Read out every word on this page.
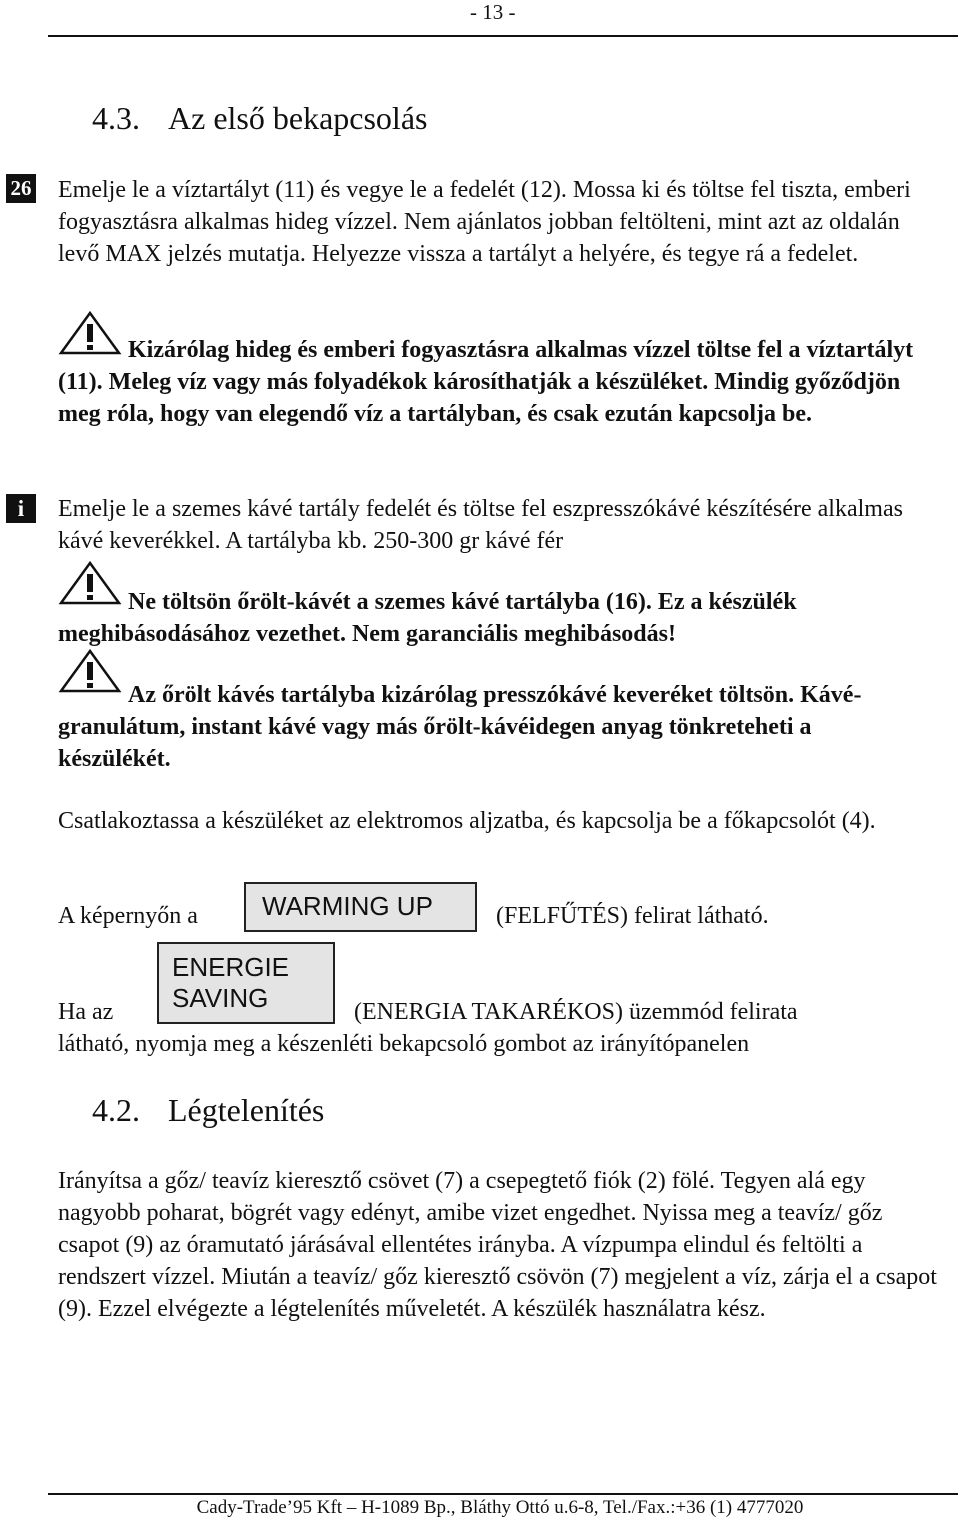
- 13 -
4.3. Az első bekapcsolás
26 Emelje le a víztartályt (11) és vegye le a fedelét (12). Mossa ki és töltse fel tiszta, emberi fogyasztásra alkalmas hideg vízzel. Nem ajánlatos jobban feltölteni, mint azt az oldalán levő MAX jelzés mutatja. Helyezze vissza a tartályt a helyére, és tegye rá a fedelet.

Kizárólag hideg és emberi fogyasztásra alkalmas vízzel töltse fel a víztartályt (11). Meleg víz vagy más folyadékok károsíthatják a készüléket. Mindig győződjön meg róla, hogy van elegendő víz a tartályban, és csak ezután kapcsolja be.

i	Emelje le a szemes kávé tartály fedelét és töltse fel eszpresszókávé készítésére alkalmas kávé keverékkel. A tartályba kb. 250-300 gr kávé fér

Ne töltsön őrölt-kávét a szemes kávé tartályba (16). Ez a készülék meghibásodásához vezethet. Nem garanciális meghibásodás!

Az őrölt kávés tartályba kizárólag presszókávé keveréket töltsön. Kávé-granulátum, instant kávé vagy más őrölt-kávéidegen anyag tönkreteheti a készülékét.

Csatlakoztassa a készüléket az elektromos aljzatba, és kapcsolja be a főkapcsolót (4).

A képernyőn a	WARMING UP	(FELFŰTÉS) felirat látható.
Ha az
ENERGIE
SAVING	(ENERGIA TAKARÉKOS) üzemmód felirata
látható, nyomja meg a készenléti bekapcsoló gombot az irányítópanelen
4.2. Légtelenítés

Irányítsa a gőz/ teavíz kieresztő csövet (7) a csepegtető fiók (2) fölé. Tegyen alá egy nagyobb poharat, bögrét vagy edényt, amibe vizet engedhet. Nyissa meg a teavíz/ gőz csapot (9) az óramutató járásával ellentétes irányba. A vízpumpa elindul és feltölti a rendszert vízzel. Miután a teavíz/ gőz kieresztő csövön (7) megjelent a víz, zárja el a csapot (9). Ezzel elvégezte a légtelenítés műveletét. A készülék használatra kész.

Cady-Trade’95 Kft – H-1089 Bp., Bláthy Ottó u.6-8, Tel./Fax.:+36 (1) 4777020
